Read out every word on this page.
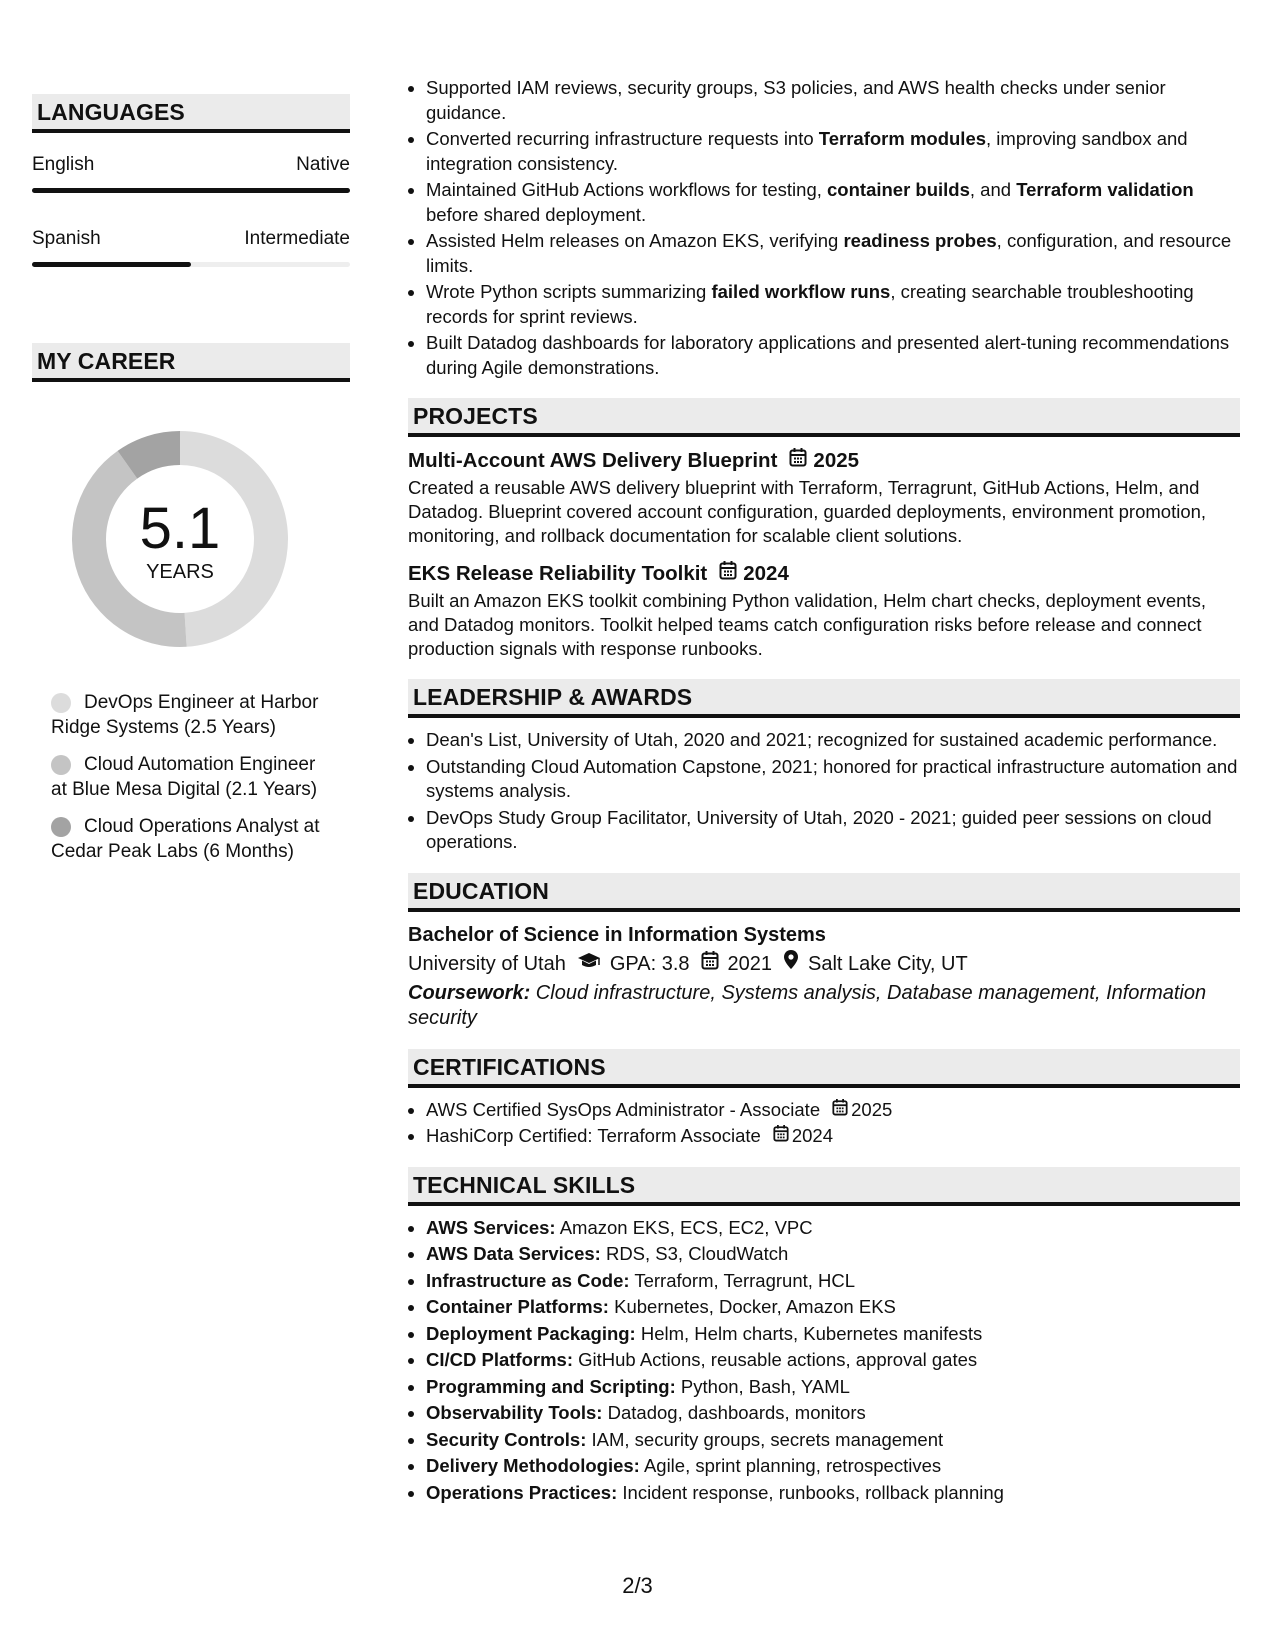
LANGUAGES
English	Native
Spanish	Intermediate
MY CAREER
5.1
YEARS
DevOps Engineer at Harbor Ridge Systems (2.5 Years)
Cloud Automation Engineer at Blue Mesa Digital (2.1 Years)
Cloud Operations Analyst at Cedar Peak Labs (6 Months)
• Supported IAM reviews, security groups, S3 policies, and AWS health checks under senior guidance.
• Converted recurring infrastructure requests into Terraform modules, improving sandbox and integration consistency.
• Maintained GitHub Actions workflows for testing, container builds, and Terraform validation before shared deployment.
• Assisted Helm releases on Amazon EKS, verifying readiness probes, configuration, and resource limits.
• Wrote Python scripts summarizing failed workflow runs, creating searchable troubleshooting records for sprint reviews.
• Built Datadog dashboards for laboratory applications and presented alert-tuning recommendations during Agile demonstrations.
PROJECTS
Multi-Account AWS Delivery Blueprint 2025
Created a reusable AWS delivery blueprint with Terraform, Terragrunt, GitHub Actions, Helm, and Datadog. Blueprint covered account configuration, guarded deployments, environment promotion, monitoring, and rollback documentation for scalable client solutions.
EKS Release Reliability Toolkit 2024
Built an Amazon EKS toolkit combining Python validation, Helm chart checks, deployment events, and Datadog monitors. Toolkit helped teams catch configuration risks before release and connect production signals with response runbooks.
LEADERSHIP & AWARDS
• Dean's List, University of Utah, 2020 and 2021; recognized for sustained academic performance.
• Outstanding Cloud Automation Capstone, 2021; honored for practical infrastructure automation and systems analysis.
• DevOps Study Group Facilitator, University of Utah, 2020 - 2021; guided peer sessions on cloud operations.
EDUCATION
Bachelor of Science in Information Systems
University of Utah GPA: 3.8 2021 Salt Lake City, UT
Coursework: Cloud infrastructure, Systems analysis, Database management, Information security
CERTIFICATIONS
• AWS Certified SysOps Administrator - Associate 2025
• HashiCorp Certified: Terraform Associate 2024
TECHNICAL SKILLS
• AWS Services: Amazon EKS, ECS, EC2, VPC
• AWS Data Services: RDS, S3, CloudWatch
• Infrastructure as Code: Terraform, Terragrunt, HCL
• Container Platforms: Kubernetes, Docker, Amazon EKS
• Deployment Packaging: Helm, Helm charts, Kubernetes manifests
• CI/CD Platforms: GitHub Actions, reusable actions, approval gates
• Programming and Scripting: Python, Bash, YAML
• Observability Tools: Datadog, dashboards, monitors
• Security Controls: IAM, security groups, secrets management
• Delivery Methodologies: Agile, sprint planning, retrospectives
• Operations Practices: Incident response, runbooks, rollback planning
2/3
